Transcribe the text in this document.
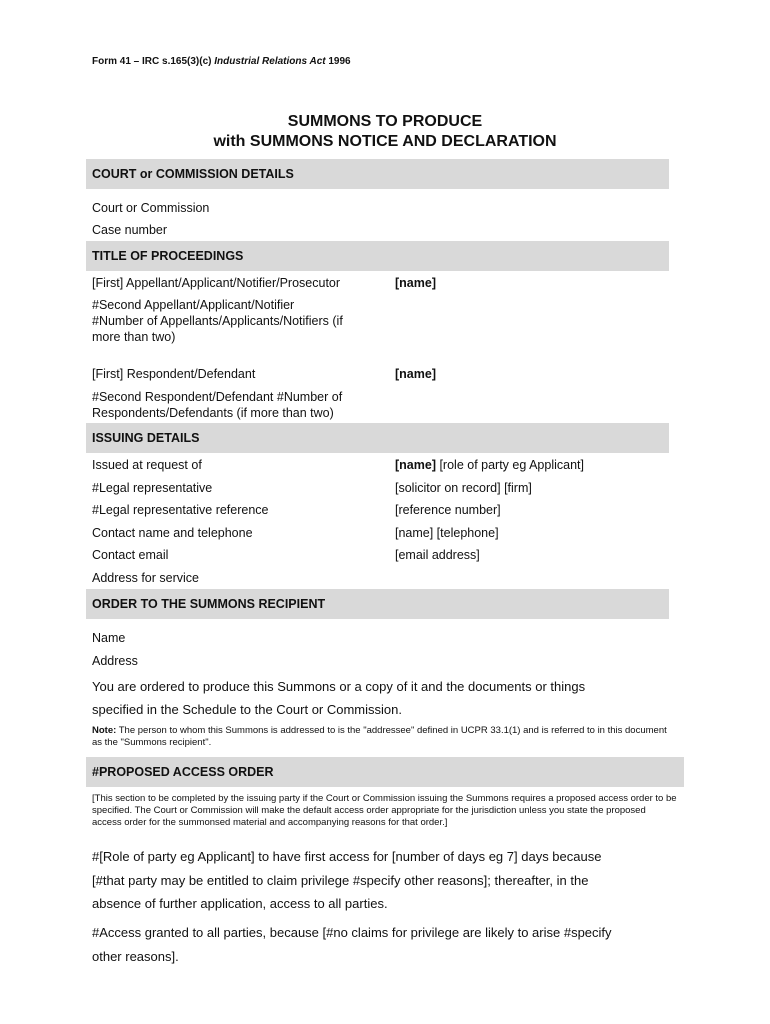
Form 41 – IRC s.165(3)(c) Industrial Relations Act 1996
SUMMONS TO PRODUCE
with SUMMONS NOTICE AND DECLARATION
COURT or COMMISSION DETAILS
Court or Commission
Case number
TITLE OF PROCEEDINGS
[First] Appellant/Applicant/Notifier/Prosecutor	[name]
#Second Appellant/Applicant/Notifier
#Number of Appellants/Applicants/Notifiers (if
more than two)
[First] Respondent/Defendant	[name]
#Second Respondent/Defendant #Number of
Respondents/Defendants (if more than two)
ISSUING DETAILS
Issued at request of	[name] [role of party eg Applicant]
#Legal representative	[solicitor on record] [firm]
#Legal representative reference	[reference number]
Contact name and telephone	[name] [telephone]
Contact email	[email address]
Address for service
ORDER TO THE SUMMONS RECIPIENT
Name
Address
You are ordered to produce this Summons or a copy of it and the documents or things
specified in the Schedule to the Court or Commission.
Note: The person to whom this Summons is addressed to is the "addressee" defined in UCPR 33.1(1) and is referred to in this document as the "Summons recipient".
#PROPOSED ACCESS ORDER
[This section to be completed by the issuing party if the Court or Commission issuing the Summons requires a proposed access order to be specified. The Court or Commission will make the default access order appropriate for the jurisdiction unless you state the proposed access order for the summonsed material and accompanying reasons for that order.]
#[Role of party eg Applicant] to have first access for [number of days eg 7] days because
[#that party may be entitled to claim privilege #specify other reasons]; thereafter, in the
absence of further application, access to all parties.
#Access granted to all parties, because [#no claims for privilege are likely to arise #specify
other reasons].
